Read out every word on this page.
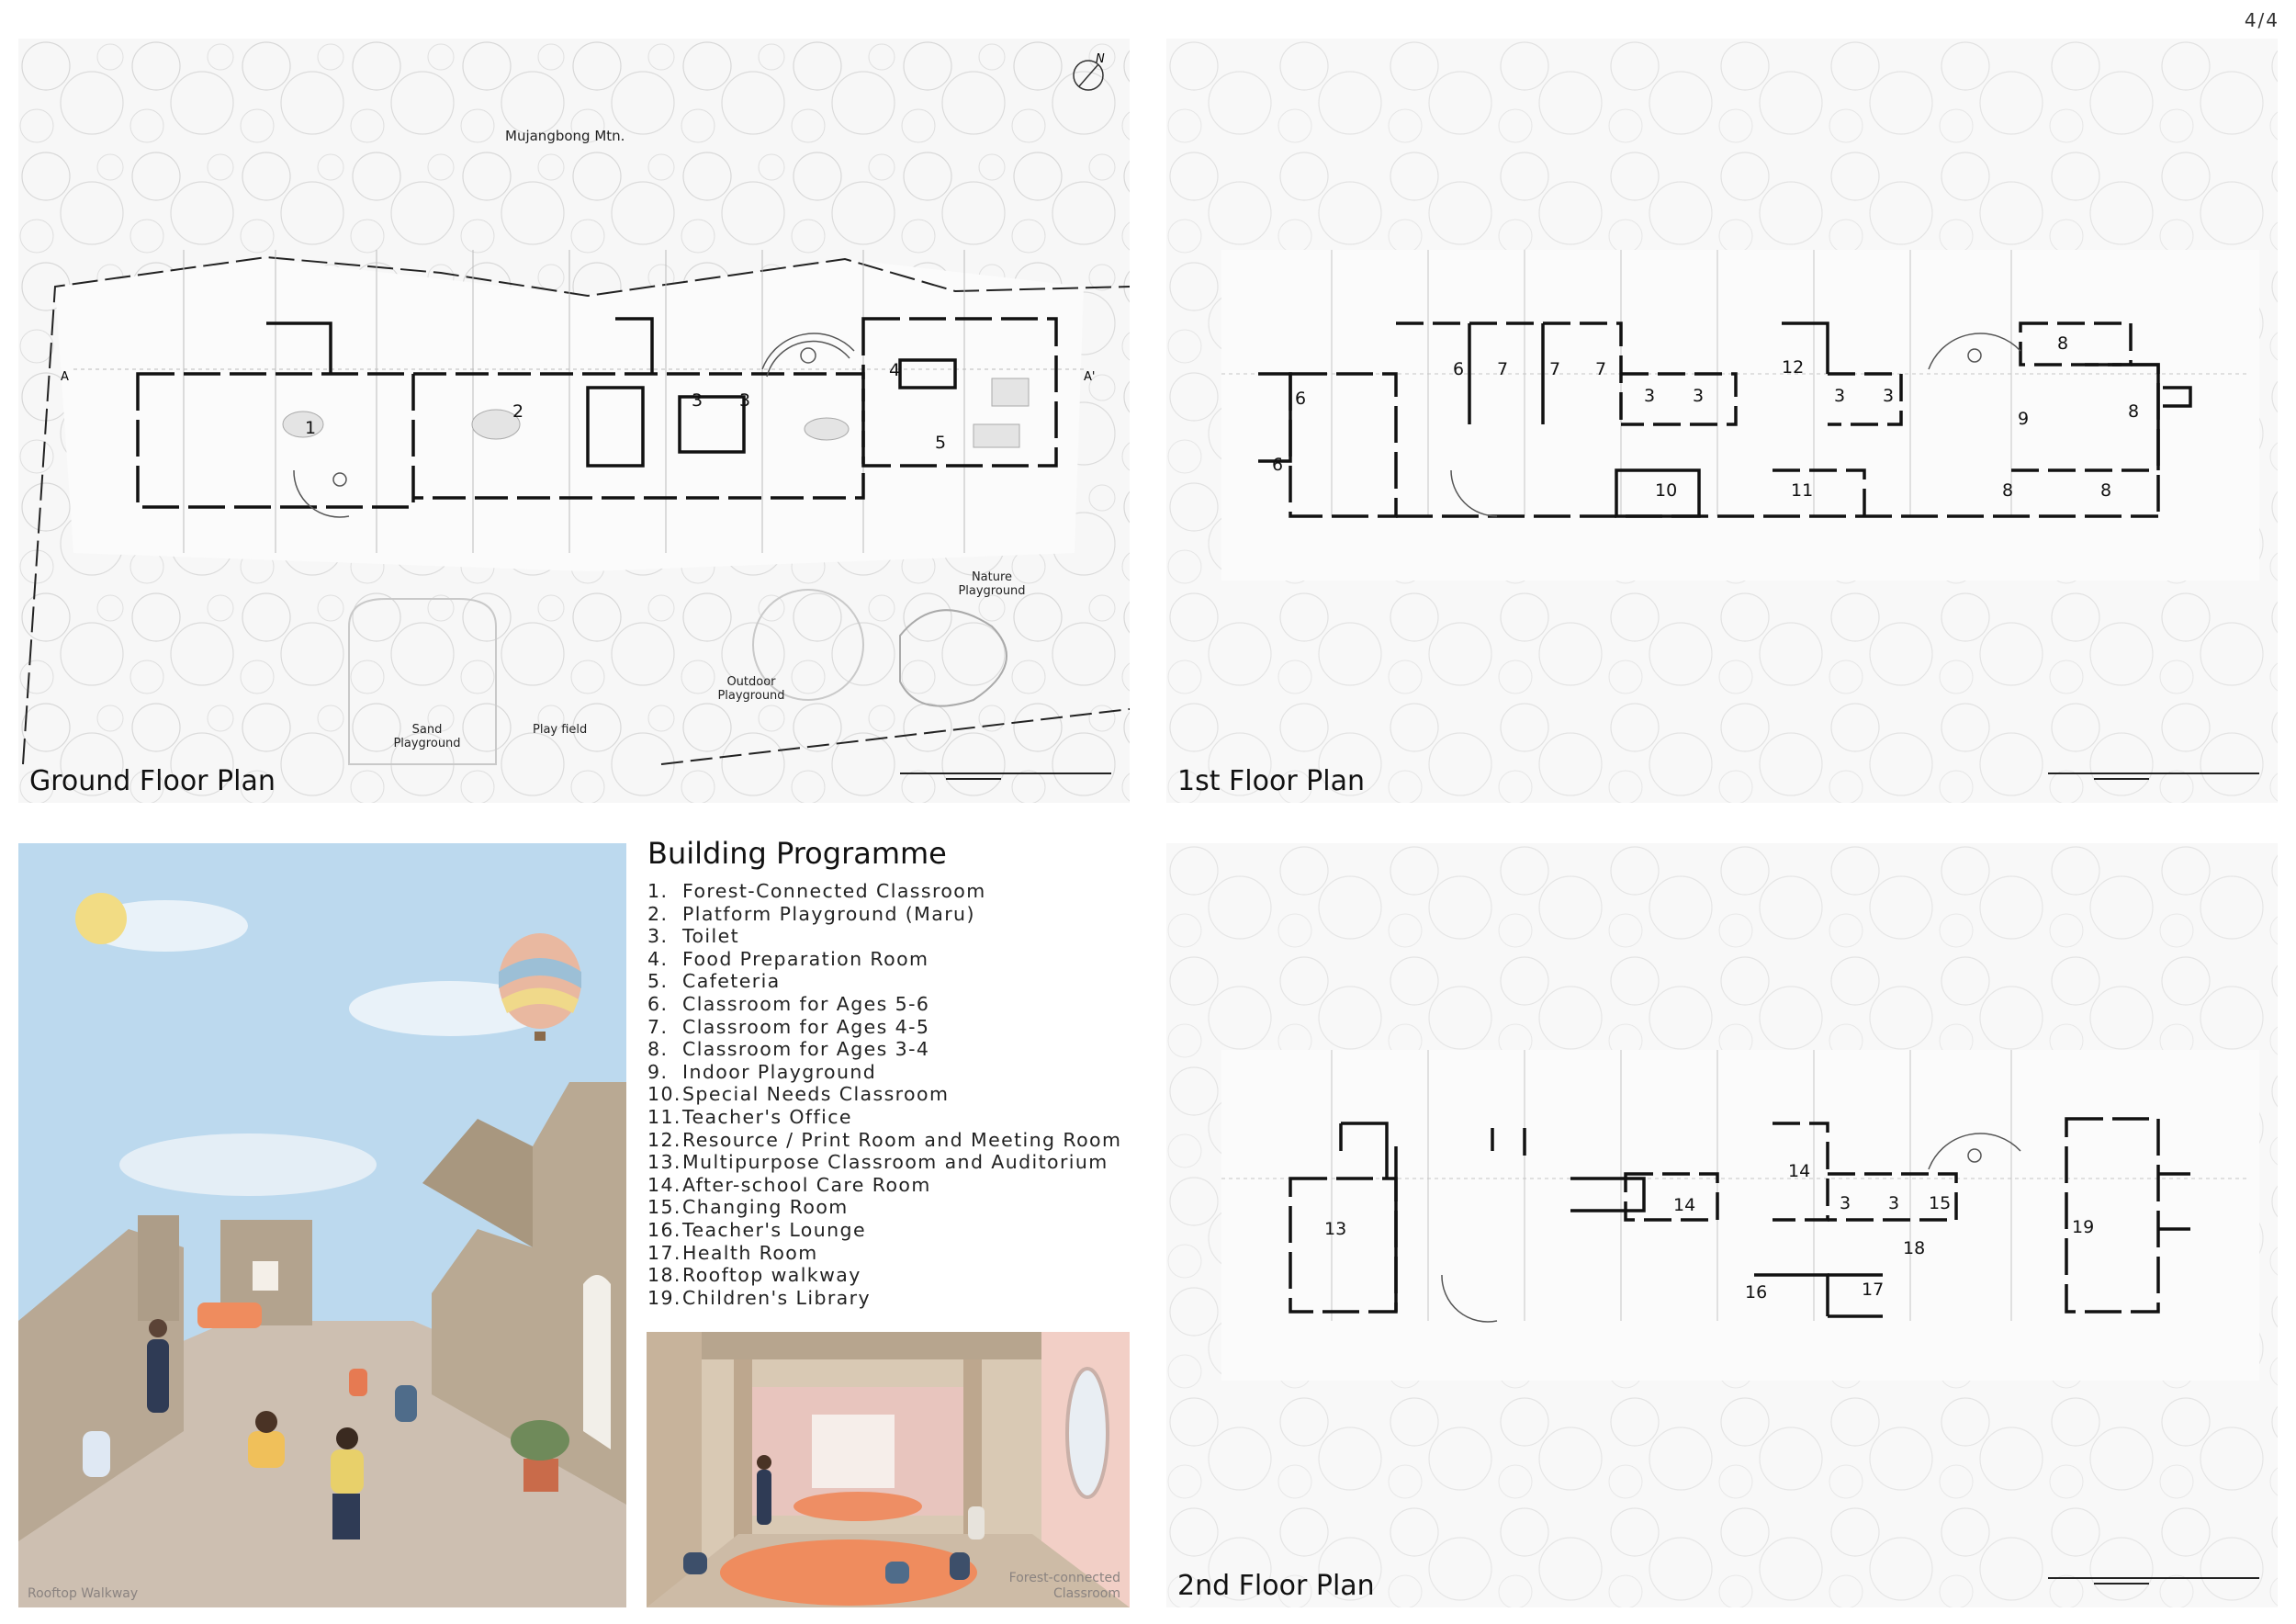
4/4
1
2
3 3
4
5
A	A'
N
Mujangbong Mtn.
Nature Playground
Outdoor Playground
Sand Playground
Play field
Ground Floor Plan
6
6
6 7 7 7
3 3
12
3 3
8
8
9
10	11	8	8
1st Floor Plan
13
14
14
3 3 15
18
19
16	17
2nd Floor Plan
Building Programme
1. Forest-Connected Classroom
2. Platform Playground (Maru)
3. Toilet
4. Food Preparation Room
5. Cafeteria
6. Classroom for Ages 5-6
7. Classroom for Ages 4-5
8. Classroom for Ages 3-4
9. Indoor Playground
10.Special Needs Classroom
11.Teacher's Office
12.Resource / Print Room and Meeting Room
13.Multipurpose Classroom and Auditorium
14.After-school Care Room
15.Changing Room
16.Teacher's Lounge
17.Health Room
18.Rooftop walkway
19.Children's Library
Rooftop Walkway
Forest-connected Classroom
